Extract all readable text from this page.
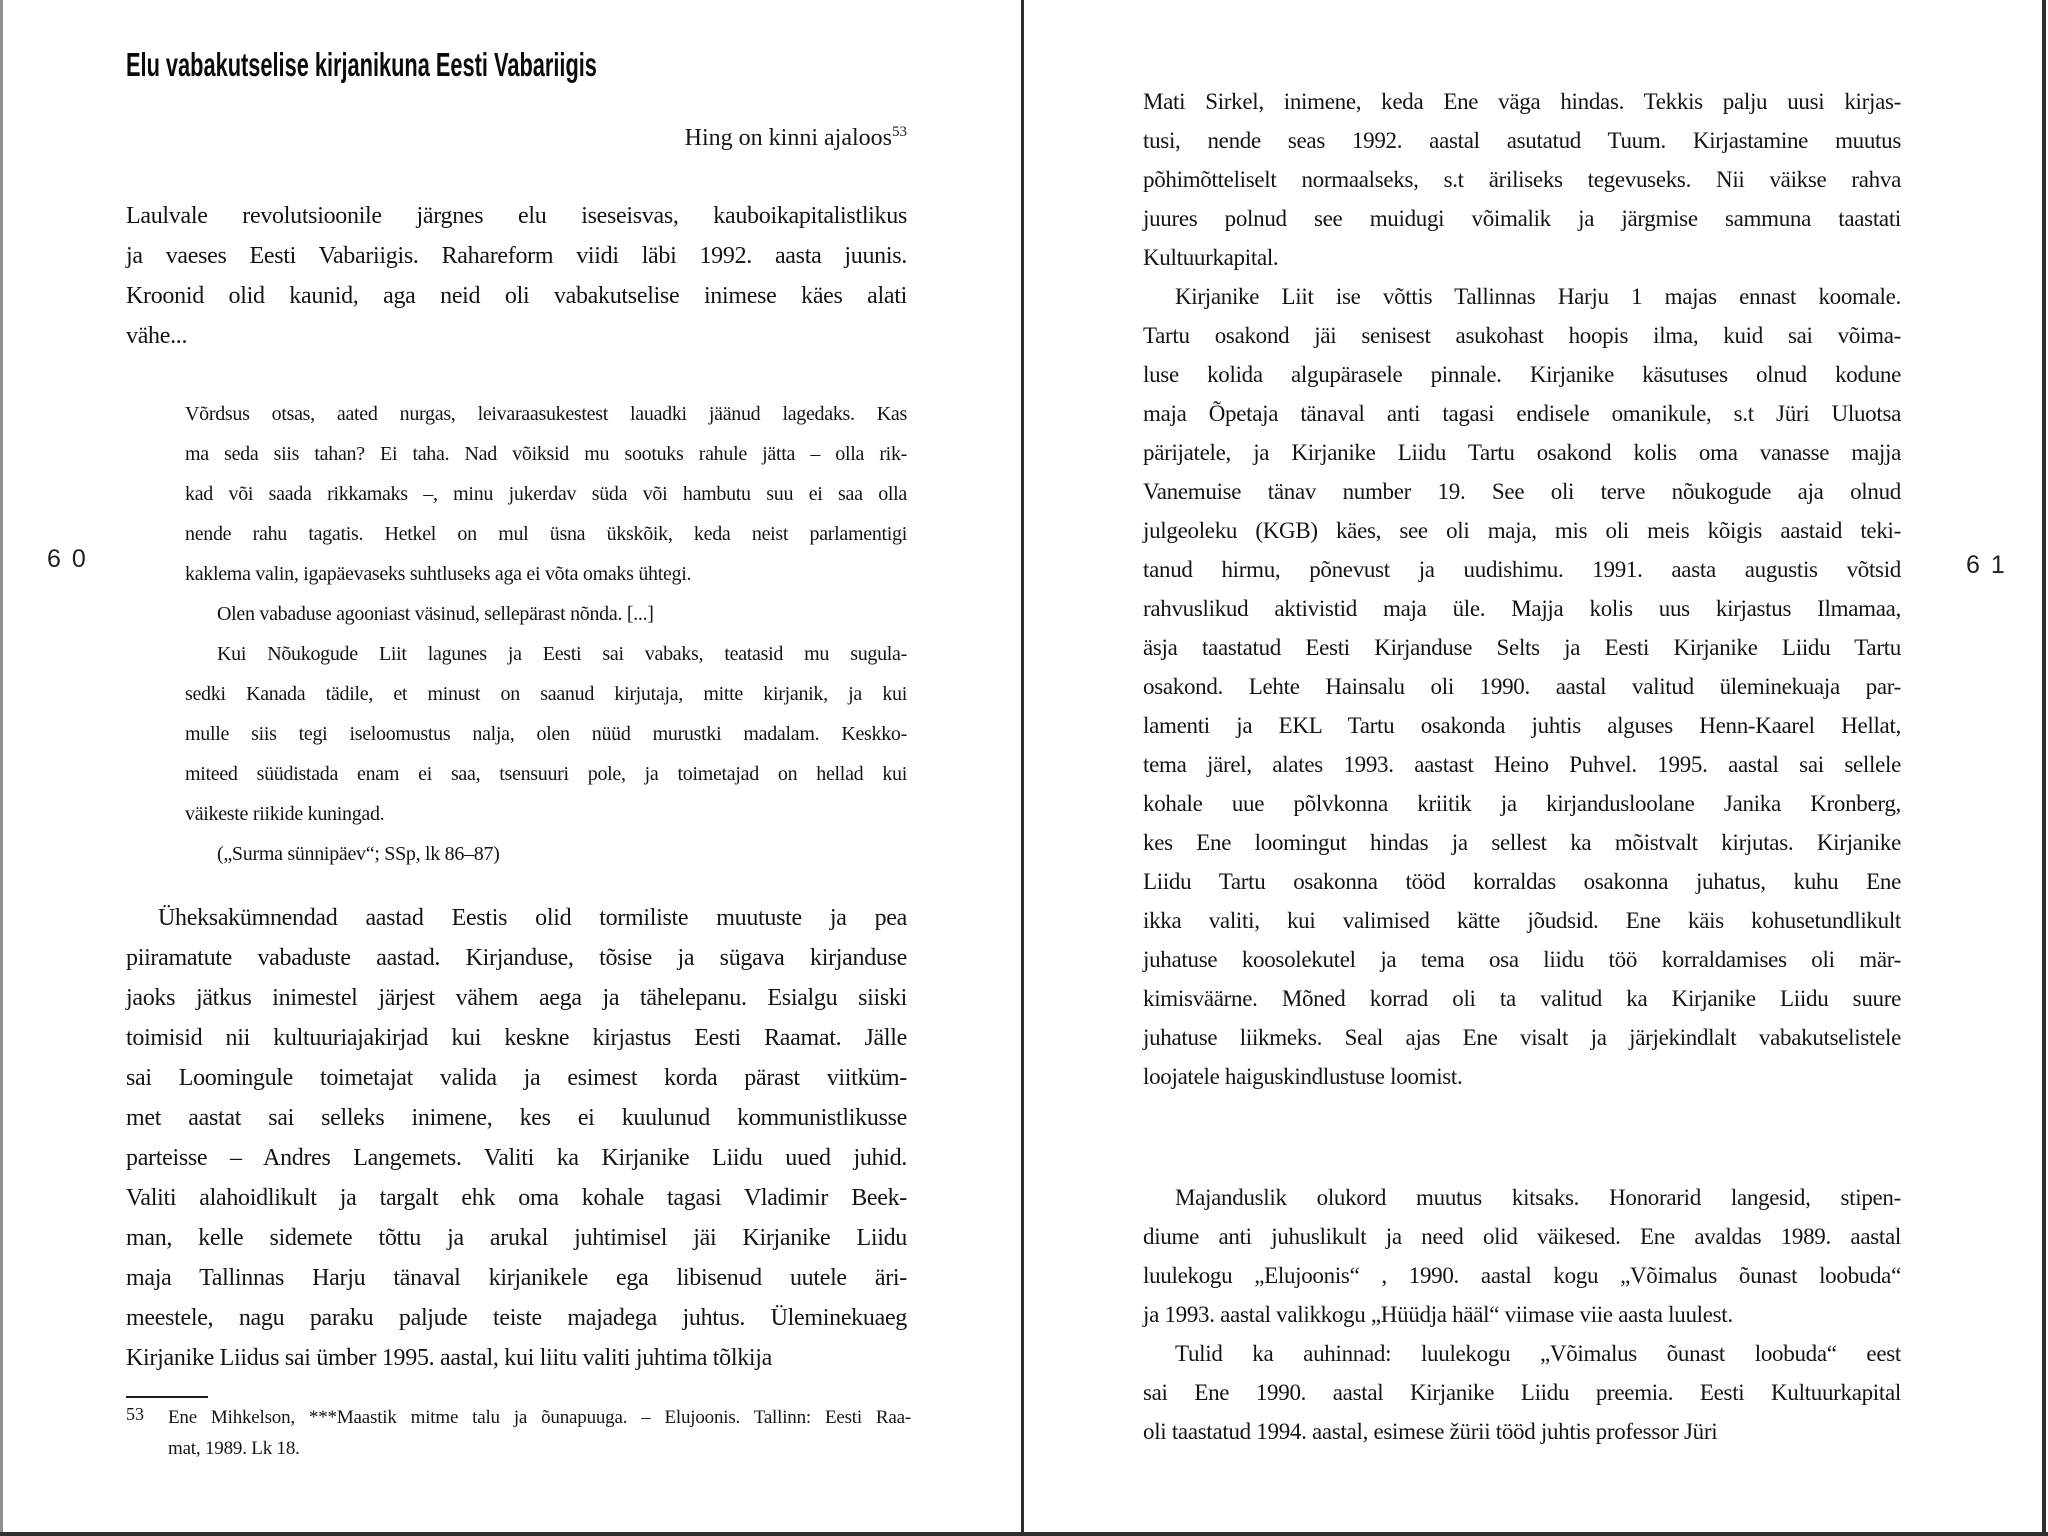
Elu vabakutselise kirjanikuna Eesti Vabariigis
Hing on kinni ajaloos$^{53}$
Laulvale revolutsioonile järgnes elu iseseisvas, kauboikapitalistlikus
ja vaeses Eesti Vabariigis. Rahareform viidi läbi 1992. aasta juunis.
Kroonid olid kaunid, aga neid oli vabakutselise inimese käes alati
vähe...
Võrdsus otsas, aated nurgas, leivaraasukestest lauadki jäänud lagedaks. Kas
ma seda siis tahan? Ei taha. Nad võiksid mu sootuks rahule jätta – olla rik-
kad või saada rikkamaks –, minu jukerdav süda või hambutu suu ei saa olla
nende rahu tagatis. Hetkel on mul üsna ükskõik, keda neist parlamentigi
kaklema valin, igapäevaseks suhtluseks aga ei võta omaks ühtegi.
Olen vabaduse agooniast väsinud, sellepärast nõnda. [...]
Kui Nõukogude Liit lagunes ja Eesti sai vabaks, teatasid mu sugula-
sedki Kanada tädile, et minust on saanud kirjutaja, mitte kirjanik, ja kui
mulle siis tegi iseloomustus nalja, olen nüüd murustki madalam. Keskko-
miteed süüdistada enam ei saa, tsensuuri pole, ja toimetajad on hellad kui
väikeste riikide kuningad.
(„Surma sünnipäev“; SSp, lk 86–87)
Üheksakümnendad aastad Eestis olid tormiliste muutuste ja pea
piiramatute vabaduste aastad. Kirjanduse, tõsise ja sügava kirjanduse
jaoks jätkus inimestel järjest vähem aega ja tähelepanu. Esialgu siiski
toimisid nii kultuuriajakirjad kui keskne kirjastus Eesti Raamat. Jälle
sai Loomingule toimetajat valida ja esimest korda pärast viitküm-
met aastat sai selleks inimene, kes ei kuulunud kommunistlikusse
parteisse – Andres Langemets. Valiti ka Kirjanike Liidu uued juhid.
Valiti alahoidlikult ja targalt ehk oma kohale tagasi Vladimir Beek-
man, kelle sidemete tõttu ja arukal juhtimisel jäi Kirjanike Liidu
maja Tallinnas Harju tänaval kirjanikele ega libisenud uutele äri-
meestele, nagu paraku paljude teiste majadega juhtus. Üleminekuaeg
Kirjanike Liidus sai ümber 1995. aastal, kui liitu valiti juhtima tõlkija
53	Ene Mihkelson, ***Maastik mitme talu ja õunapuuga. – Elujoonis. Tallinn: Eesti Raa-
mat, 1989. Lk 18.
60
Mati Sirkel, inimene, keda Ene väga hindas. Tekkis palju uusi kirjas-
tusi, nende seas 1992. aastal asutatud Tuum. Kirjastamine muutus
põhimõtteliselt normaalseks, s.t äriliseks tegevuseks. Nii väikse rahva
juures polnud see muidugi võimalik ja järgmise sammuna taastati
Kultuurkapital.
Kirjanike Liit ise võttis Tallinnas Harju 1 majas ennast koomale.
Tartu osakond jäi senisest asukohast hoopis ilma, kuid sai võima-
luse kolida algupärasele pinnale. Kirjanike käsutuses olnud kodune
maja Õpetaja tänaval anti tagasi endisele omanikule, s.t Jüri Uluotsa
pärijatele, ja Kirjanike Liidu Tartu osakond kolis oma vanasse majja
Vanemuise tänav number 19. See oli terve nõukogude aja olnud
julgeoleku (KGB) käes, see oli maja, mis oli meis kõigis aastaid teki-
tanud hirmu, põnevust ja uudishimu. 1991. aasta augustis võtsid
rahvuslikud aktivistid maja üle. Majja kolis uus kirjastus Ilmamaa,
äsja taastatud Eesti Kirjanduse Selts ja Eesti Kirjanike Liidu Tartu
osakond. Lehte Hainsalu oli 1990. aastal valitud üleminekuaja par-
lamenti ja EKL Tartu osakonda juhtis alguses Henn-Kaarel Hellat,
tema järel, alates 1993. aastast Heino Puhvel. 1995. aastal sai sellele
kohale uue põlvkonna kriitik ja kirjandusloolane Janika Kronberg,
kes Ene loomingut hindas ja sellest ka mõistvalt kirjutas. Kirjanike
Liidu Tartu osakonna tööd korraldas osakonna juhatus, kuhu Ene
ikka valiti, kui valimised kätte jõudsid. Ene käis kohusetundlikult
juhatuse koosolekutel ja tema osa liidu töö korraldamises oli mär-
kimisväärne. Mõned korrad oli ta valitud ka Kirjanike Liidu suure
juhatuse liikmeks. Seal ajas Ene visalt ja järjekindlalt vabakutselistele
loojatele haiguskindlustuse loomist.
Majanduslik olukord muutus kitsaks. Honorarid langesid, stipen-
diume anti juhuslikult ja need olid väikesed. Ene avaldas 1989. aastal
luulekogu „Elujoonis“ , 1990. aastal kogu „Võimalus õunast loobuda“
ja 1993. aastal valikkogu „Hüüdja hääl“ viimase viie aasta luulest.
Tulid ka auhinnad: luulekogu „Võimalus õunast loobuda“ eest
sai Ene 1990. aastal Kirjanike Liidu preemia. Eesti Kultuurkapital
oli taastatud 1994. aastal, esimese žürii tööd juhtis professor Jüri
61
